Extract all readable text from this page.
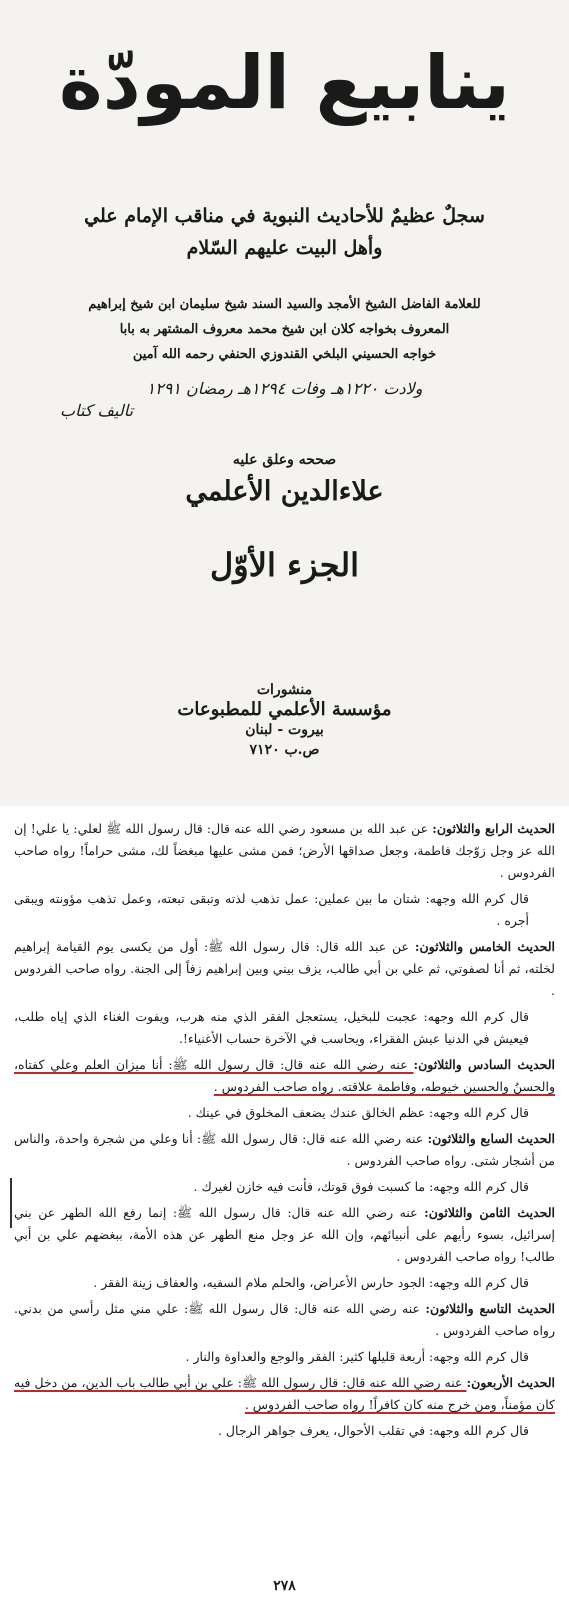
ينابيع المودّة
سجلٌ عظيمٌ للأحاديث النبوية في مناقب الإمام علي
وأهل البيت عليهم السّلام
للعلامة الفاضل الشيخ الأمجد والسيد السند شيخ سليمان ابن شيخ إبراهيم
المعروف بخواجه كلان ابن شيخ محمد معروف المشتهر به بابا
خواجه الحسيني البلخي القندوزي الحنفي رحمه الله آمين
ولادت ١٢٢٠هـ وفات ١٢٩٤هـ رمضان ١٢٩١
تاليف كتاب
صححه وعلق عليه
علاءالدين الأعلمي
الجزء الأوّل
منشورات
مؤسسة الأعلمي للمطبوعات
بيروت - لبنان
ص.ب ٧١٢٠

الحديث الرابع والثلاثون: عن عبد الله بن مسعود رضي الله عنه قال: قال رسول الله ﷺ لعلي: يا علي! إن الله عز وجل زوّجك فاطمة، وجعل صداقها الأرض؛ فمن مشى عليها مبغضاً لك، مشى حراماً! رواه صاحب الفردوس .

قال كرم الله وجهه: شتان ما بين عملين: عمل تذهب لذته وتبقى تبعته، وعمل تذهب مؤونته ويبقى أجره .

الحديث الخامس والثلاثون: عن عبد الله قال: قال رسول الله ﷺ: أول من يكسى يوم القيامة إبراهيم لخلته، ثم أنا لصفوتي، ثم علي بن أبي طالب، يزف بيني وبين إبراهيم زفاً إلى الجنة. رواه صاحب الفردوس .

قال كرم الله وجهه: عجبت للبخيل، يستعجل الفقر الذي منه هرب، ويفوت الغناء الذي إياه طلب، فيعيش في الدنيا عيش الفقراء، ويحاسب في الآخرة حساب الأغنياء!.

الحديث السادس والثلاثون: عنه رضي الله عنه قال: قال رسول الله ﷺ: أنا ميزان العلم وعلي كفتاه، والحسنُ والحسين خيوطه، وفاطمة علاقته. رواه صاحب الفردوس .

قال كرم الله وجهه: عظم الخالق عندك يضعف المخلوق في عينك .

الحديث السابع والثلاثون: عنه رضي الله عنه قال: قال رسول الله ﷺ: أنا وعلي من شجرة واحدة، والناس من أشجار شتى. رواه صاحب الفردوس .

قال كرم الله وجهه: ما كسبت فوق قوتك، فأنت فيه خازن لغيرك .

الحديث الثامن والثلاثون: عنه رضي الله عنه قال: قال رسول الله ﷺ: إنما رفع الله الطهر عن بني إسرائيل، بسوء رأيهم على أنبيائهم، وإن الله عز وجل منع الطهر عن هذه الأمة، ببغضهم علي بن أبي طالب! رواه صاحب الفردوس .

قال كرم الله وجهه: الجود حارس الأعراض، والحلم ملام السفيه، والعفاف زينة الفقر .

الحديث التاسع والثلاثون: عنه رضي الله عنه قال: قال رسول الله ﷺ: علي مني مثل رأسي من بدني. رواه صاحب الفردوس .

قال كرم الله وجهه: أربعة قليلها كثير: الفقر والوجع والعداوة والنار .

الحديث الأربعون: عنه رضي الله عنه قال: قال رسول الله ﷺ: علي بن أبي طالب باب الدين، من دخل فيه كان مؤمناً، ومن خرج منه كان كافراً! رواه صاحب الفردوس .

قال كرم الله وجهه: في تقلب الأحوال، يعرف جواهر الرجال .

٢٧٨
